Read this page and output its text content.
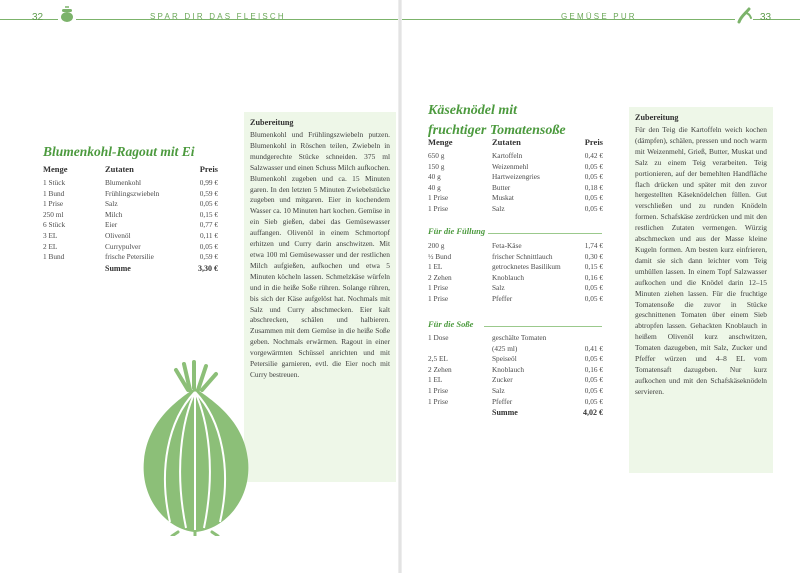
32	SPAR DIR DAS FLEISCH	GEMÜSE PUR	33
Blumenkohl-Ragout mit Ei
Menge	Zutaten	Preis
1 Stück	Blumenkohl	0,99 €
1 Bund	Frühlingszwiebeln	0,59 €
1 Prise	Salz	0,05 €
250 ml	Milch	0,15 €
6 Stück	Eier	0,77 €
3 EL	Olivenöl	0,11 €
2 EL	Currypulver	0,05 €
1 Bund	frische Petersilie	0,59 €
	Summe	3,30 €
Zubereitung

Blumenkohl und Frühlingszwiebeln putzen. Blumenkohl in Röschen teilen, Zwiebeln in mundgerechte Stücke schneiden. 375 ml Salzwasser und einen Schuss Milch aufkochen. Blumenkohl zugeben und ca. 15 Minuten garen. In den letzten 5 Minuten Zwiebelstücke zugeben und mitgaren. Eier in kochendem Wasser ca. 10 Minuten hart kochen. Gemüse in ein Sieb gießen, dabei das Gemüsewasser auffangen. Olivenöl in einem Schmortopf erhitzen und Curry darin anschwitzen. Mit etwa 100 ml Gemüsewasser und der restlichen Milch aufgießen, aufkochen und etwa 5 Minuten köcheln lassen. Schmelzkäse würfeln und in die heiße Soße rühren. Solange rühren, bis sich der Käse aufgelöst hat. Nochmals mit Salz und Curry abschmecken. Eier kalt abschrecken, schälen und halbieren. Zusammen mit dem Gemüse in die heiße Soße geben. Nochmals erwärmen. Ragout in einer vorgewärmten Schüssel anrichten und mit Petersilie garnieren, evtl. die Eier noch mit Curry bestreuen.

Käseknödel mit
fruchtiger Tomatensoße
Menge	Zutaten	Preis
650 g	Kartoffeln	0,42 €
150 g	Weizenmehl	0,05 €
40 g	Hartweizengries	0,05 €
40 g	Butter	0,18 €
1 Prise	Muskat	0,05 €
1 Prise	Salz	0,05 €
Für die Füllung
200 g	Feta-Käse	1,74 €
½ Bund	frischer Schnittlauch	0,30 €
1 EL	getrocknetes Basilikum	0,15 €
2 Zehen	Knoblauch	0,16 €
1 Prise	Salz	0,05 €
1 Prise	Pfeffer	0,05 €
Für die Soße
1 Dose	geschälte Tomaten	
	(425 ml)	0,41 €
2,5 EL	Speiseöl	0,05 €
2 Zehen	Knoblauch	0,16 €
1 EL	Zucker	0,05 €
1 Prise	Salz	0,05 €
1 Prise	Pfeffer	0,05 €
	Summe	4,02 €
Zubereitung

Für den Teig die Kartoffeln weich kochen (dämpfen), schälen, pressen und noch warm mit Weizenmehl, Grieß, Butter, Muskat und Salz zu einem Teig verarbeiten. Teig portionieren, auf der bemehlten Handfläche flach drücken und später mit den zuvor hergestellten Käseknödelchen füllen. Gut verschließen und zu runden Knödeln formen. Schafskäse zerdrücken und mit den restlichen Zutaten vermengen. Würzig abschmecken und aus der Masse kleine Kugeln formen. Am besten kurz einfrieren, damit sie sich dann leichter vom Teig umhüllen lassen. In einem Topf Salzwasser aufkochen und die Knödel darin 12–15 Minuten ziehen lassen. Für die fruchtige Tomatensoße die zuvor in Stücke geschnittenen Tomaten über einem Sieb abtropfen lassen. Gehackten Knoblauch in heißem Olivenöl kurz anschwitzen, Tomaten dazugeben, mit Salz, Zucker und Pfeffer würzen und 4–8 EL vom Tomatensaft dazugeben. Nur kurz aufkochen und mit den Schafskäseknödeln servieren.
